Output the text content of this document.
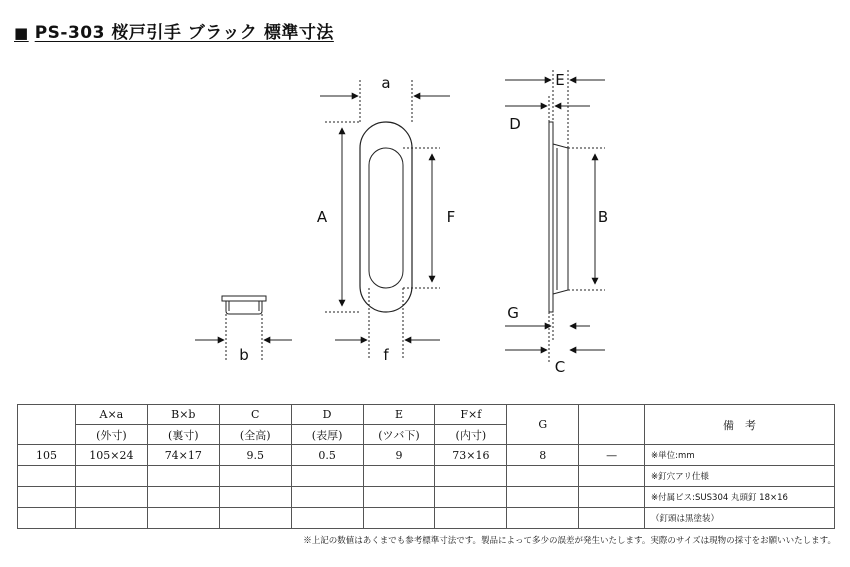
■ PS-303 桜戸引手 ブラック 標準寸法
a
A	F
b	f
E
D
B
G
C
	A×a	B×b	C	D	E	F×f	G		備　考
	(外寸)	(裏寸)	(全高)	(表厚)	(ツバ下)	(内寸)			
105	105×24	74×17	9.5	0.5	9	73×16	8	—	※単位:mm
									※釘穴アリ仕様
									※付属ビス:SUS304 丸頭釘 18×16
									（釘頭は黒塗装）
※上記の数値はあくまでも参考標準寸法です。製品によって多少の誤差が発生いたします。実際のサイズは現物の採寸をお願いいたします。
